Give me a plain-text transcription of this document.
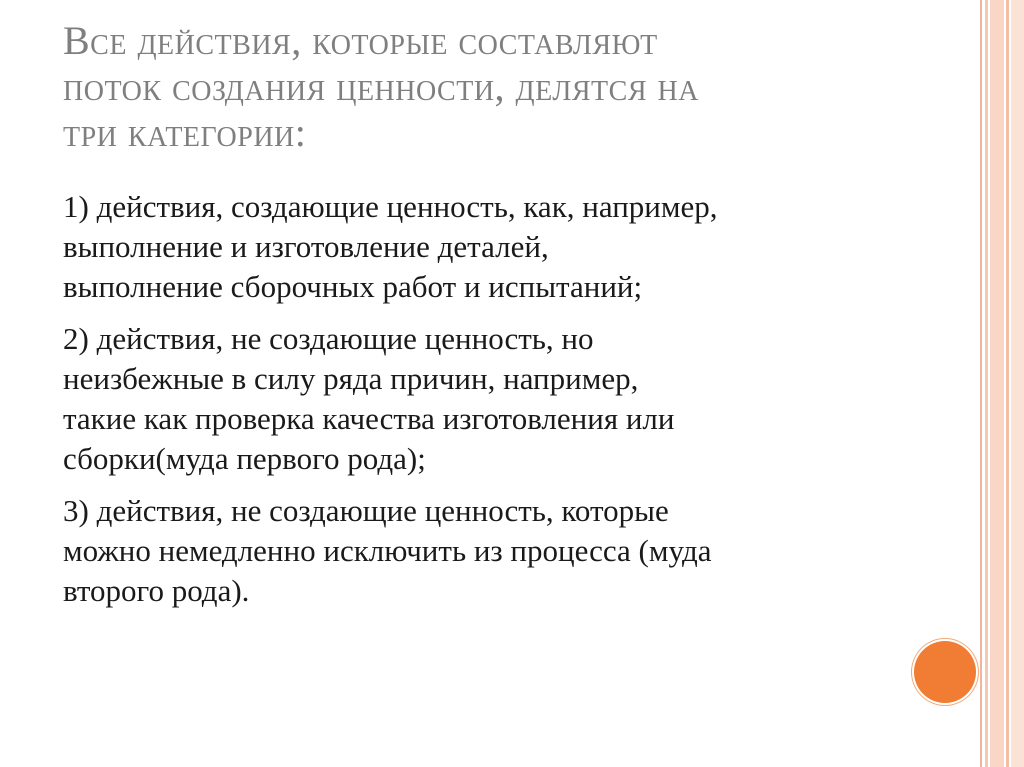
Все действия, которые составляют
поток создания ценности, делятся на
три категории:

1) действия, создающие ценность, как, например,
выполнение и изготовление деталей,
выполнение сборочных работ и испытаний;

2) действия, не создающие ценность, но
неизбежные в силу ряда причин, например,
такие как проверка качества изготовления или
сборки(муда первого рода);

3) действия, не создающие ценность, которые
можно немедленно исключить из процесса (муда
второго рода).
